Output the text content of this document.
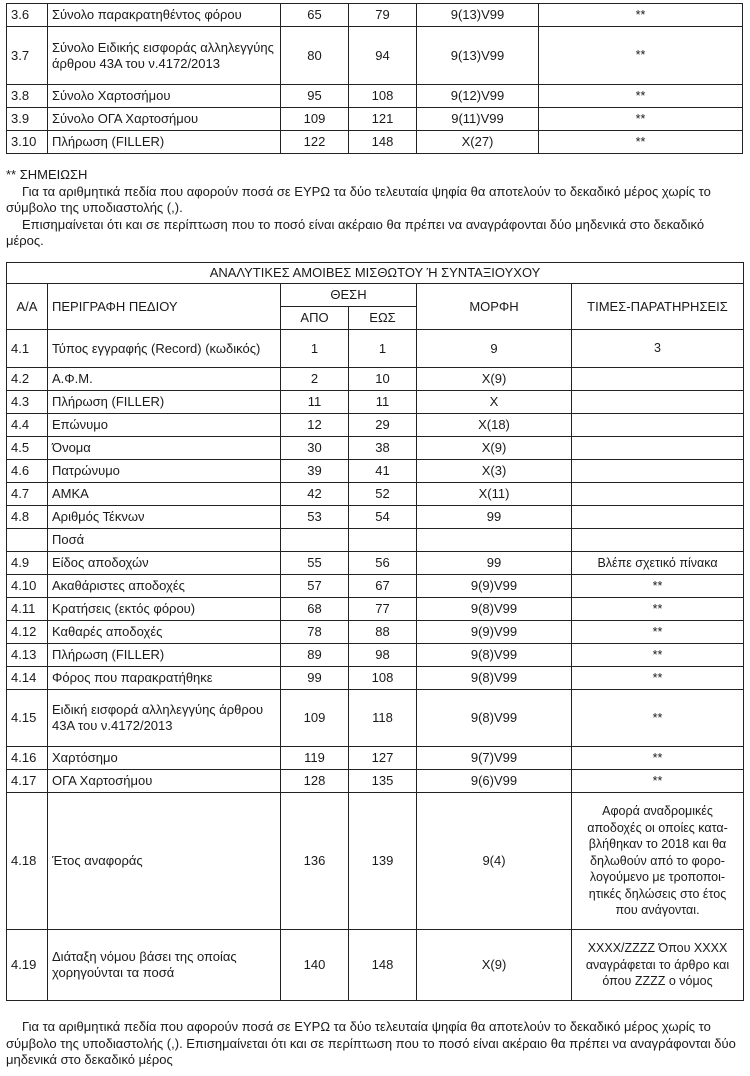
3.6	Σύνολο παρακρατηθέντος φόρου	65	79	9(13)V99	**
3.7	Σύνολο Ειδικής εισφοράς αλληλεγγύης άρθρου 43Α του ν.4172/2013	80	94	9(13)V99	**
3.8	Σύνολο Χαρτοσήμου	95	108	9(12)V99	**
3.9	Σύνολο ΟΓΑ Χαρτοσήμου	109	121	9(11)V99	**
3.10	Πλήρωση (FILLER)	122	148	X(27)	**

** ΣΗΜΕΙΩΣΗ

Για τα αριθμητικά πεδία που αφορούν ποσά σε ΕΥΡΩ τα δύο τελευταία ψηφία θα αποτελούν το δεκαδικό μέρος χωρίς το σύμβολο της υποδιαστολής (,).

Επισημαίνεται ότι και σε περίπτωση που το ποσό είναι ακέραιο θα πρέπει να αναγράφονται δύο μηδενικά στο δεκαδικό μέρος.

ΑΝΑΛΥΤΙΚΕΣ ΑΜΟΙΒΕΣ ΜΙΣΘΩΤΟΥ Ή ΣΥΝΤΑΞΙΟΥΧΟΥ					
Α/Α	ΠΕΡΙΓΡΑΦΗ ΠΕΔΙΟΥ	ΘΕΣΗ		ΜΟΡΦΗ	ΤΙΜΕΣ-ΠΑΡΑΤΗΡΗΣΕΙΣ
		ΑΠΟ	ΕΩΣ		
4.1	Τύπος εγγραφής (Record) (κωδικός)	1	1	9	3
4.2	Α.Φ.Μ.	2	10	X(9)	
4.3	Πλήρωση (FILLER)	11	11	X	
4.4	Επώνυμο	12	29	X(18)	
4.5	Όνομα	30	38	X(9)	
4.6	Πατρώνυμο	39	41	X(3)	
4.7	ΑΜΚΑ	42	52	X(11)	
4.8	Αριθμός Τέκνων	53	54	99	
	Ποσά				
4.9	Είδος αποδοχών	55	56	99	Βλέπε σχετικό πίνακα
4.10	Ακαθάριστες αποδοχές	57	67	9(9)V99	**
4.11	Κρατήσεις (εκτός φόρου)	68	77	9(8)V99	**
4.12	Καθαρές αποδοχές	78	88	9(9)V99	**
4.13	Πλήρωση (FILLER)	89	98	9(8)V99	**
4.14	Φόρος που παρακρατήθηκε	99	108	9(8)V99	**
4.15	Ειδική εισφορά αλληλεγγύης άρθρου 43Α του ν.4172/2013	109	118	9(8)V99	**
4.16	Χαρτόσημο	119	127	9(7)V99	**
4.17	ΟΓΑ Χαρτοσήμου	128	135	9(6)V99	**
4.18	Έτος αναφοράς	136	139	9(4)	Αφορά αναδρομικές αποδοχές οι οποίες κατα-βλήθηκαν το 2018 και θα δηλωθούν από το φορο-λογούμενο με τροποποι-ητικές δηλώσεις στο έτος που ανάγονται.
4.19	Διάταξη νόμου βάσει της οποίας χορηγούνται τα ποσά	140	148	X(9)	XXXX/ZZZZ Όπου XXXX αναγράφεται το άρθρο και όπου ZZZZ ο νόμος

Για τα αριθμητικά πεδία που αφορούν ποσά σε ΕΥΡΩ τα δύο τελευταία ψηφία θα αποτελούν το δεκαδικό μέρος χωρίς το σύμβολο της υποδιαστολής (,). Επισημαίνεται ότι και σε περίπτωση που το ποσό είναι ακέραιο θα πρέπει να αναγράφονται δύο μηδενικά στο δεκαδικό μέρος
